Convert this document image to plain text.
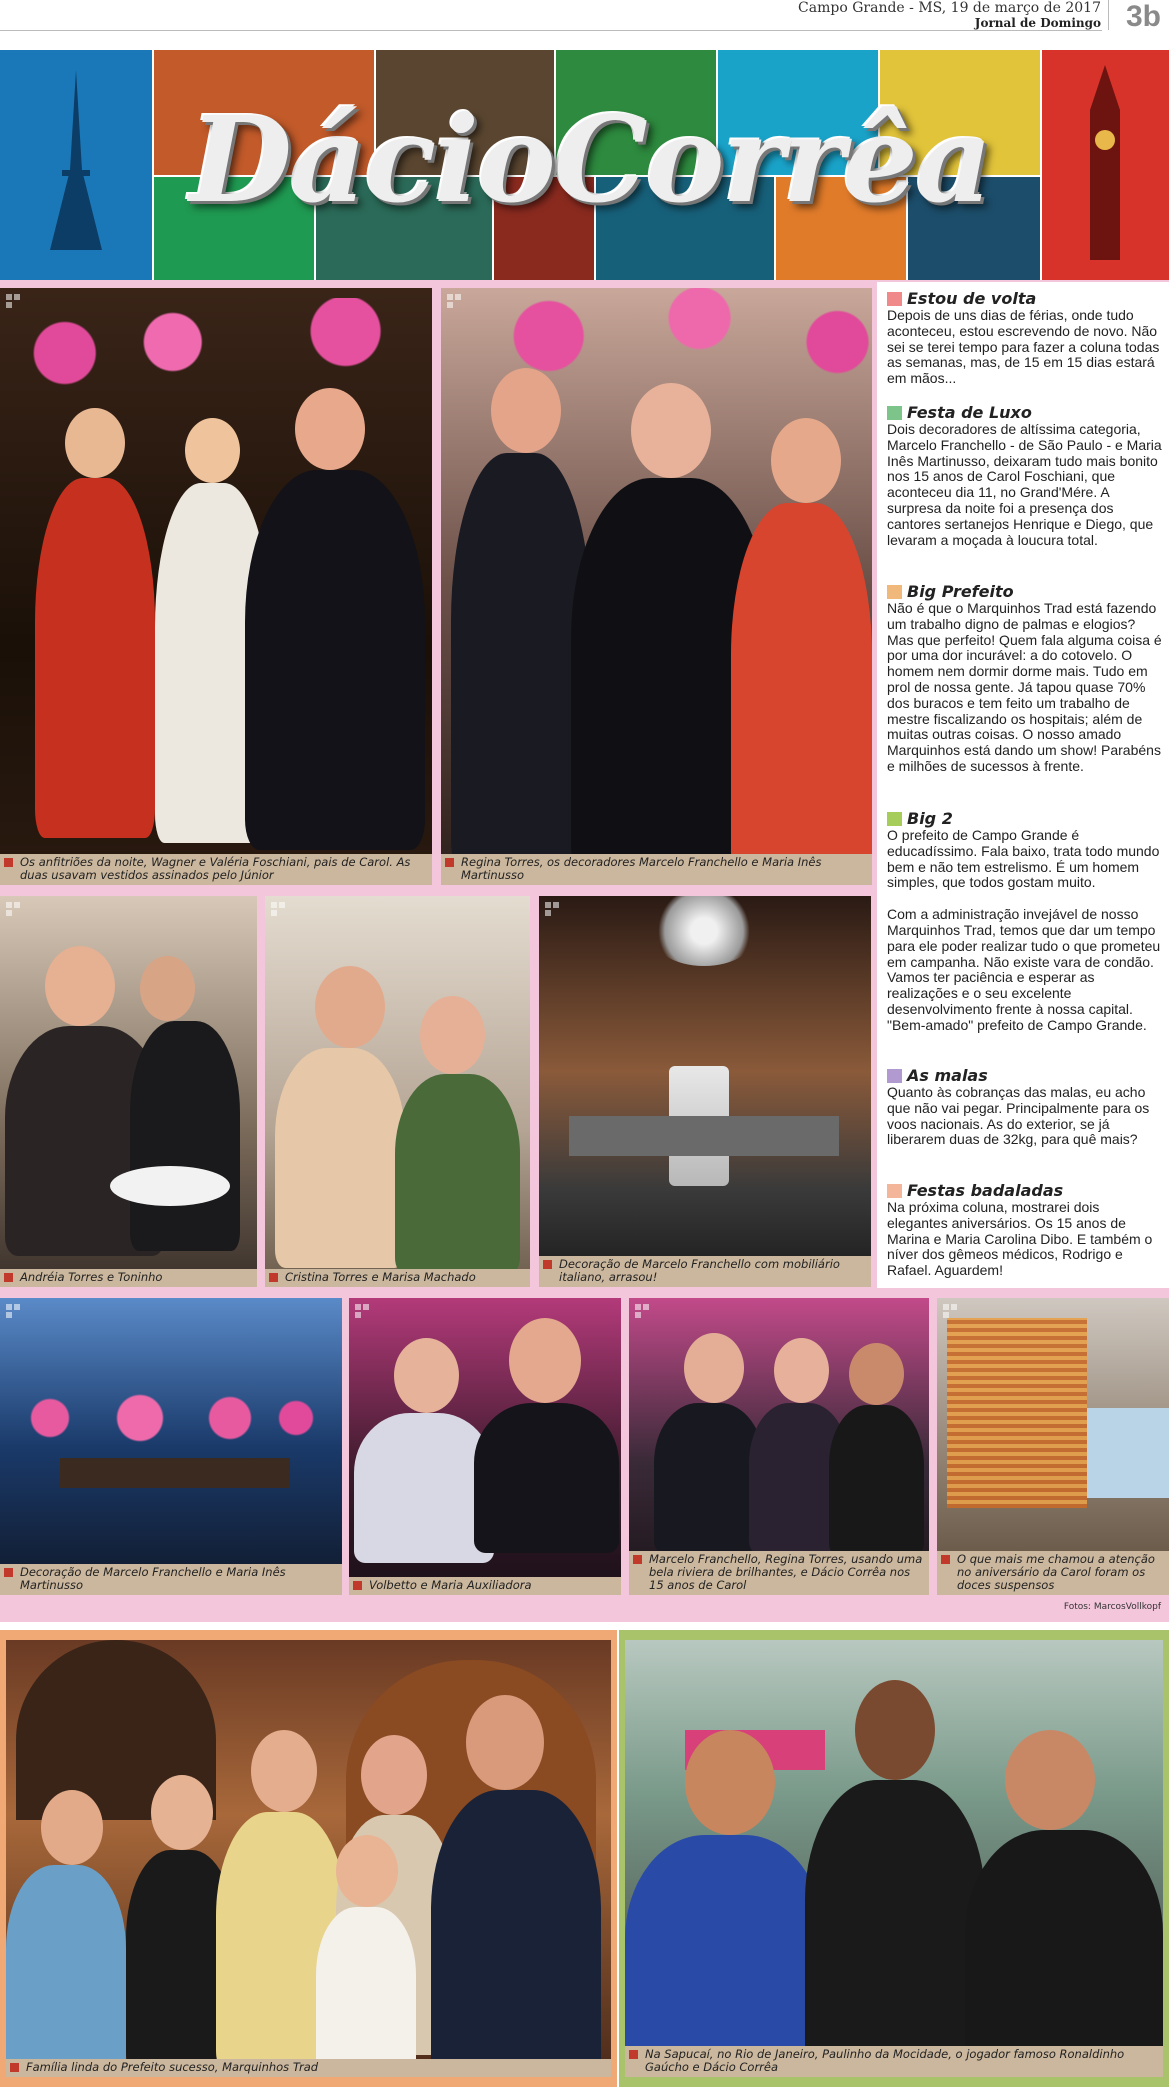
Campo Grande - MS, 19 de março de 2017
Jornal de Domingo 3b
DácioCorrêa
Os anfitriões da noite, Wagner e Valéria Foschiani, pais de Carol. As duas usavam vestidos assinados pelo Júnior
Regina Torres, os decoradores Marcelo Franchello e Maria Inês Martinusso
Andréia Torres e Toninho	Cristina Torres e Marisa Machado
Decoração de Marcelo Franchello com mobiliário italiano, arrasou!
Decoração de Marcelo Franchello e Maria Inês Martinusso	Volbetto e Maria Auxiliadora
Marcelo Franchello, Regina Torres, usando uma bela riviera de brilhantes, e Dácio Corrêa nos 15 anos de Carol
O que mais me chamou a atenção no aniversário da Carol foram os doces suspensos
Fotos: MarcosVollkopf
Estou de volta
Depois de uns dias de férias, onde tudo aconteceu, estou escrevendo de novo. Não sei se terei tempo para fazer a coluna todas as semanas, mas, de 15 em 15 dias estará em mãos...
Festa de Luxo
Dois decoradores de altíssima categoria, Marcelo Franchello - de São Paulo - e Maria Inês Martinusso, deixaram tudo mais bonito nos 15 anos de Carol Foschiani, que aconteceu dia 11, no Grand'Mére. A surpresa da noite foi a presença dos cantores sertanejos Henrique e Diego, que levaram a moçada à loucura total.
Big Prefeito
Não é que o Marquinhos Trad está fazendo um trabalho digno de palmas e elogios? Mas que perfeito! Quem fala alguma coisa é por uma dor incurável: a do cotovelo. O homem nem dormir dorme mais. Tudo em prol de nossa gente. Já tapou quase 70% dos buracos e tem feito um trabalho de mestre fiscalizando os hospitais; além de muitas outras coisas. O nosso amado Marquinhos está dando um show! Parabéns e milhões de sucessos à frente.
Big 2
O prefeito de Campo Grande é educadíssimo. Fala baixo, trata todo mundo bem e não tem estrelismo. É um homem simples, que todos gostam muito.
Com a administração invejável de nosso Marquinhos Trad, temos que dar um tempo para ele poder realizar tudo o que prometeu em campanha. Não existe vara de condão. Vamos ter paciência e esperar as realizações e o seu excelente desenvolvimento frente à nossa capital. "Bem-amado" prefeito de Campo Grande.
As malas
Quanto às cobranças das malas, eu acho que não vai pegar. Principalmente para os voos nacionais. As do exterior, se já liberarem duas de 32kg, para quê mais?
Festas badaladas
Na próxima coluna, mostrarei dois elegantes aniversários. Os 15 anos de Marina e Maria Carolina Dibo. E também o níver dos gêmeos médicos, Rodrigo e Rafael. Aguardem!
Família linda do Prefeito sucesso, Marquinhos Trad
Na Sapucaí, no Rio de Janeiro, Paulinho da Mocidade, o jogador famoso Ronaldinho Gaúcho e Dácio Corrêa
